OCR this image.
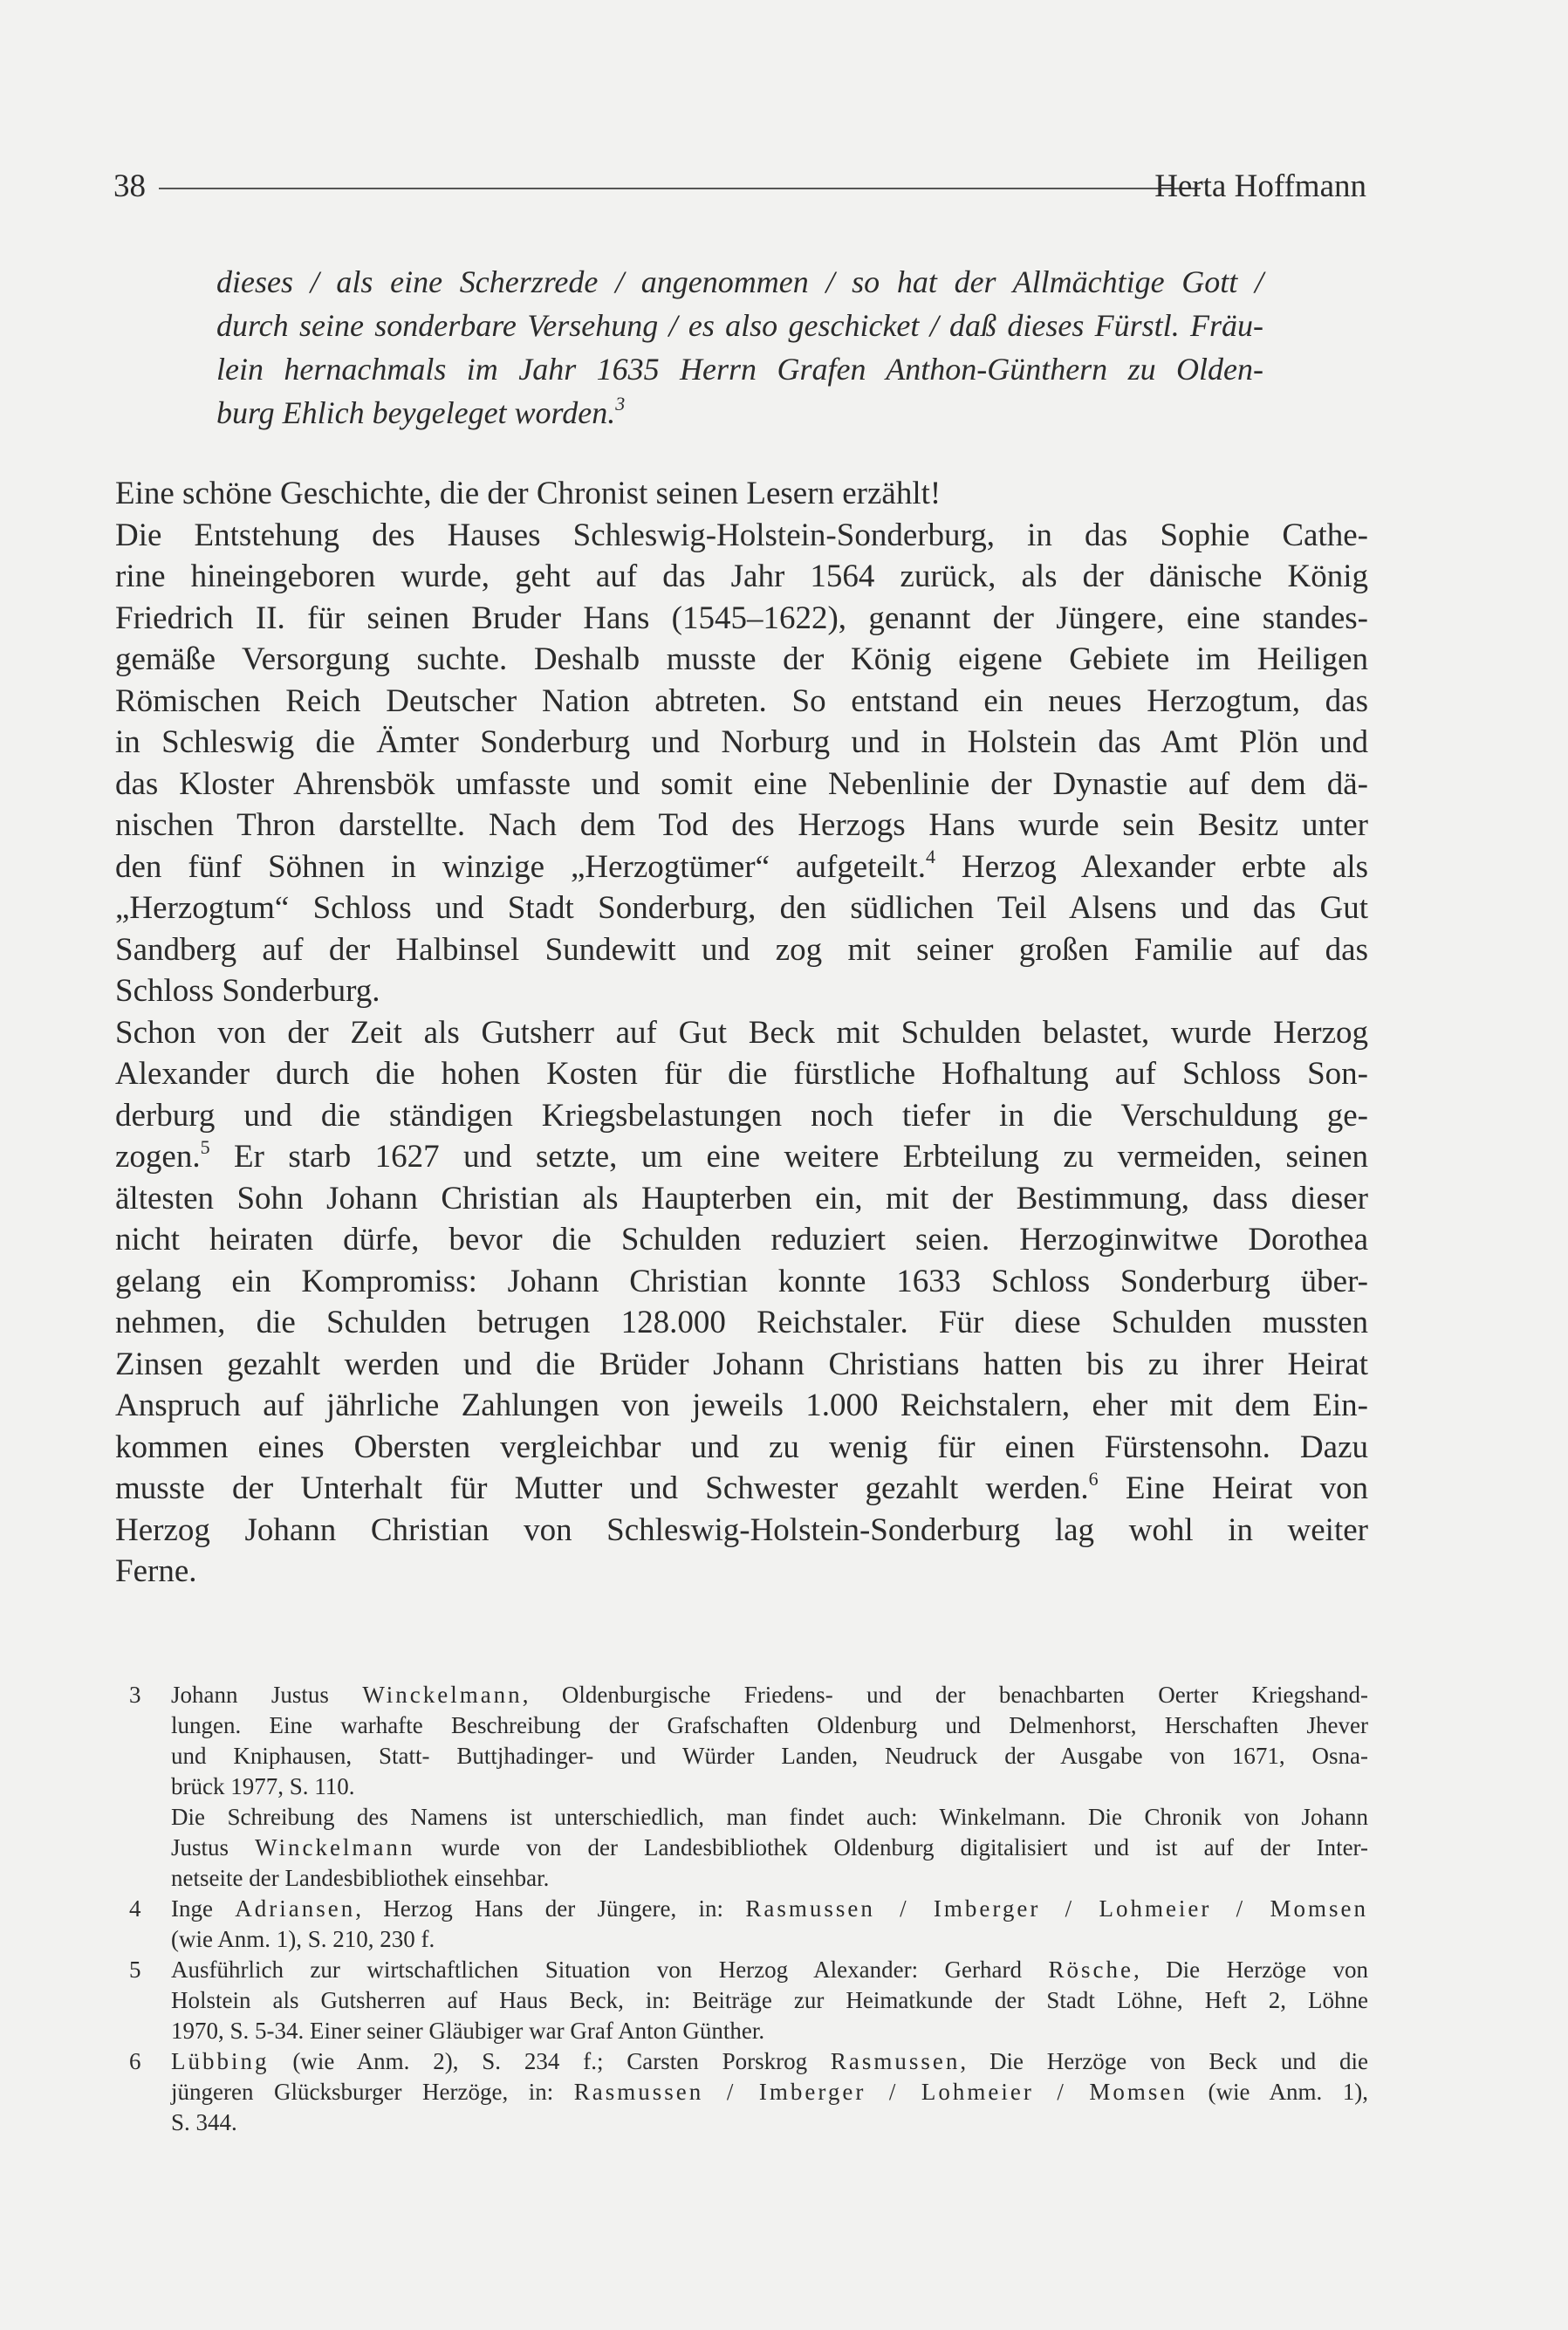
38	Herta Hoffmann
dieses / als eine Scherzrede / angenommen / so hat der Allmächtige Gott /
durch seine sonderbare Versehung / es also geschicket / daß dieses Fürstl. Fräu-
lein hernachmals im Jahr 1635 Herrn Grafen Anthon-Günthern zu Olden-
burg Ehlich beygeleget worden.$^3$
Eine schöne Geschichte, die der Chronist seinen Lesern erzählt!
Die Entstehung des Hauses Schleswig-Holstein-Sonderburg, in das Sophie Cathe-
rine hineingeboren wurde, geht auf das Jahr 1564 zurück, als der dänische König
Friedrich II. für seinen Bruder Hans (1545–1622), genannt der Jüngere, eine standes-
gemäße Versorgung suchte. Deshalb musste der König eigene Gebiete im Heiligen
Römischen Reich Deutscher Nation abtreten. So entstand ein neues Herzogtum, das
in Schleswig die Ämter Sonderburg und Norburg und in Holstein das Amt Plön und
das Kloster Ahrensbök umfasste und somit eine Nebenlinie der Dynastie auf dem dä-
nischen Thron darstellte. Nach dem Tod des Herzogs Hans wurde sein Besitz unter
den fünf Söhnen in winzige „Herzogtümer“ aufgeteilt.$^4$ Herzog Alexander erbte als
„Herzogtum“ Schloss und Stadt Sonderburg, den südlichen Teil Alsens und das Gut
Sandberg auf der Halbinsel Sundewitt und zog mit seiner großen Familie auf das
Schloss Sonderburg.
Schon von der Zeit als Gutsherr auf Gut Beck mit Schulden belastet, wurde Herzog
Alexander durch die hohen Kosten für die fürstliche Hofhaltung auf Schloss Son-
derburg und die ständigen Kriegsbelastungen noch tiefer in die Verschuldung ge-
zogen.$^5$ Er starb 1627 und setzte, um eine weitere Erbteilung zu vermeiden, seinen
ältesten Sohn Johann Christian als Haupterben ein, mit der Bestimmung, dass dieser
nicht heiraten dürfe, bevor die Schulden reduziert seien. Herzoginwitwe Dorothea
gelang ein Kompromiss: Johann Christian konnte 1633 Schloss Sonderburg über-
nehmen, die Schulden betrugen 128.000 Reichstaler. Für diese Schulden mussten
Zinsen gezahlt werden und die Brüder Johann Christians hatten bis zu ihrer Heirat
Anspruch auf jährliche Zahlungen von jeweils 1.000 Reichstalern, eher mit dem Ein-
kommen eines Obersten vergleichbar und zu wenig für einen Fürstensohn. Dazu
musste der Unterhalt für Mutter und Schwester gezahlt werden.$^6$ Eine Heirat von
Herzog Johann Christian von Schleswig-Holstein-Sonderburg lag wohl in weiter
Ferne.
3 Johann Justus Winckelmann, Oldenburgische Friedens- und der benachbarten Oerter Kriegshand-
lungen. Eine warhafte Beschreibung der Grafschaften Oldenburg und Delmenhorst, Herschaften Jhever
und Kniphausen, Statt- Buttjhadinger- und Würder Landen, Neudruck der Ausgabe von 1671, Osna-
brück 1977, S. 110.
Die Schreibung des Namens ist unterschiedlich, man findet auch: Winkelmann. Die Chronik von Johann
Justus Winckelmann wurde von der Landesbibliothek Oldenburg digitalisiert und ist auf der Inter-
netseite der Landesbibliothek einsehbar.
4 Inge Adriansen, Herzog Hans der Jüngere, in: Rasmussen / Imberger / Lohmeier / Momsen
(wie Anm. 1), S. 210, 230 f.
5 Ausführlich zur wirtschaftlichen Situation von Herzog Alexander: Gerhard Rösche, Die Herzöge von
Holstein als Gutsherren auf Haus Beck, in: Beiträge zur Heimatkunde der Stadt Löhne, Heft 2, Löhne
1970, S. 5-34. Einer seiner Gläubiger war Graf Anton Günther.
6 Lübbing (wie Anm. 2), S. 234 f.; Carsten Porskrog Rasmussen, Die Herzöge von Beck und die
jüngeren Glücksburger Herzöge, in: Rasmussen / Imberger / Lohmeier / Momsen (wie Anm. 1),
S. 344.
